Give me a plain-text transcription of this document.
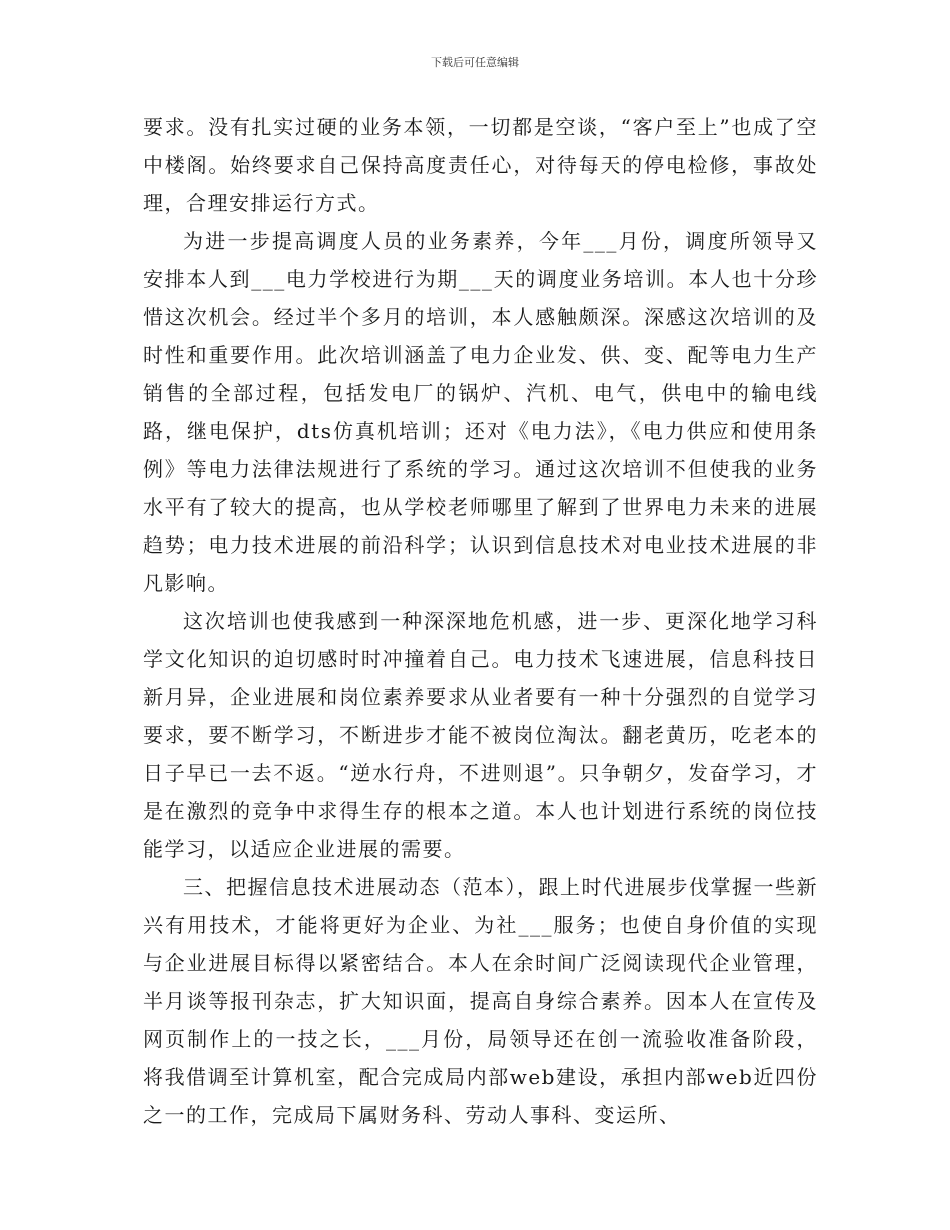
下载后可任意编辑

要求。没有扎实过硬的业务本领，一切都是空谈，“客户至上”也成了空中楼阁。始终要求自己保持高度责任心，对待每天的停电检修，事故处理，合理安排运行方式。

为进一步提高调度人员的业务素养，今年___月份，调度所领导又安排本人到___电力学校进行为期___天的调度业务培训。本人也十分珍惜这次机会。经过半个多月的培训，本人感触颇深。深感这次培训的及时性和重要作用。此次培训涵盖了电力企业发、供、变、配等电力生产销售的全部过程，包括发电厂的锅炉、汽机、电气，供电中的输电线路，继电保护，dts仿真机培训；还对《电力法》，《电力供应和使用条例》等电力法律法规进行了系统的学习。通过这次培训不但使我的业务水平有了较大的提高，也从学校老师哪里了解到了世界电力未来的进展趋势；电力技术进展的前沿科学；认识到信息技术对电业技术进展的非凡影响。

这次培训也使我感到一种深深地危机感，进一步、更深化地学习科学文化知识的迫切感时时冲撞着自己。电力技术飞速进展，信息科技日新月异，企业进展和岗位素养要求从业者要有一种十分强烈的自觉学习要求，要不断学习，不断进步才能不被岗位淘汰。翻老黄历，吃老本的日子早已一去不返。“逆水行舟，不进则退”。只争朝夕，发奋学习，才是在激烈的竞争中求得生存的根本之道。本人也计划进行系统的岗位技能学习，以适应企业进展的需要。

三、把握信息技术进展动态（范本），跟上时代进展步伐掌握一些新兴有用技术，才能将更好为企业、为社___服务；也使自身价值的实现与企业进展目标得以紧密结合。本人在余时间广泛阅读现代企业管理，半月谈等报刊杂志，扩大知识面，提高自身综合素养。因本人在宣传及网页制作上的一技之长，___月份，局领导还在创一流验收准备阶段，将我借调至计算机室，配合完成局内部web建设，承担内部web近四份之一的工作，完成局下属财务科、劳动人事科、变运所、
